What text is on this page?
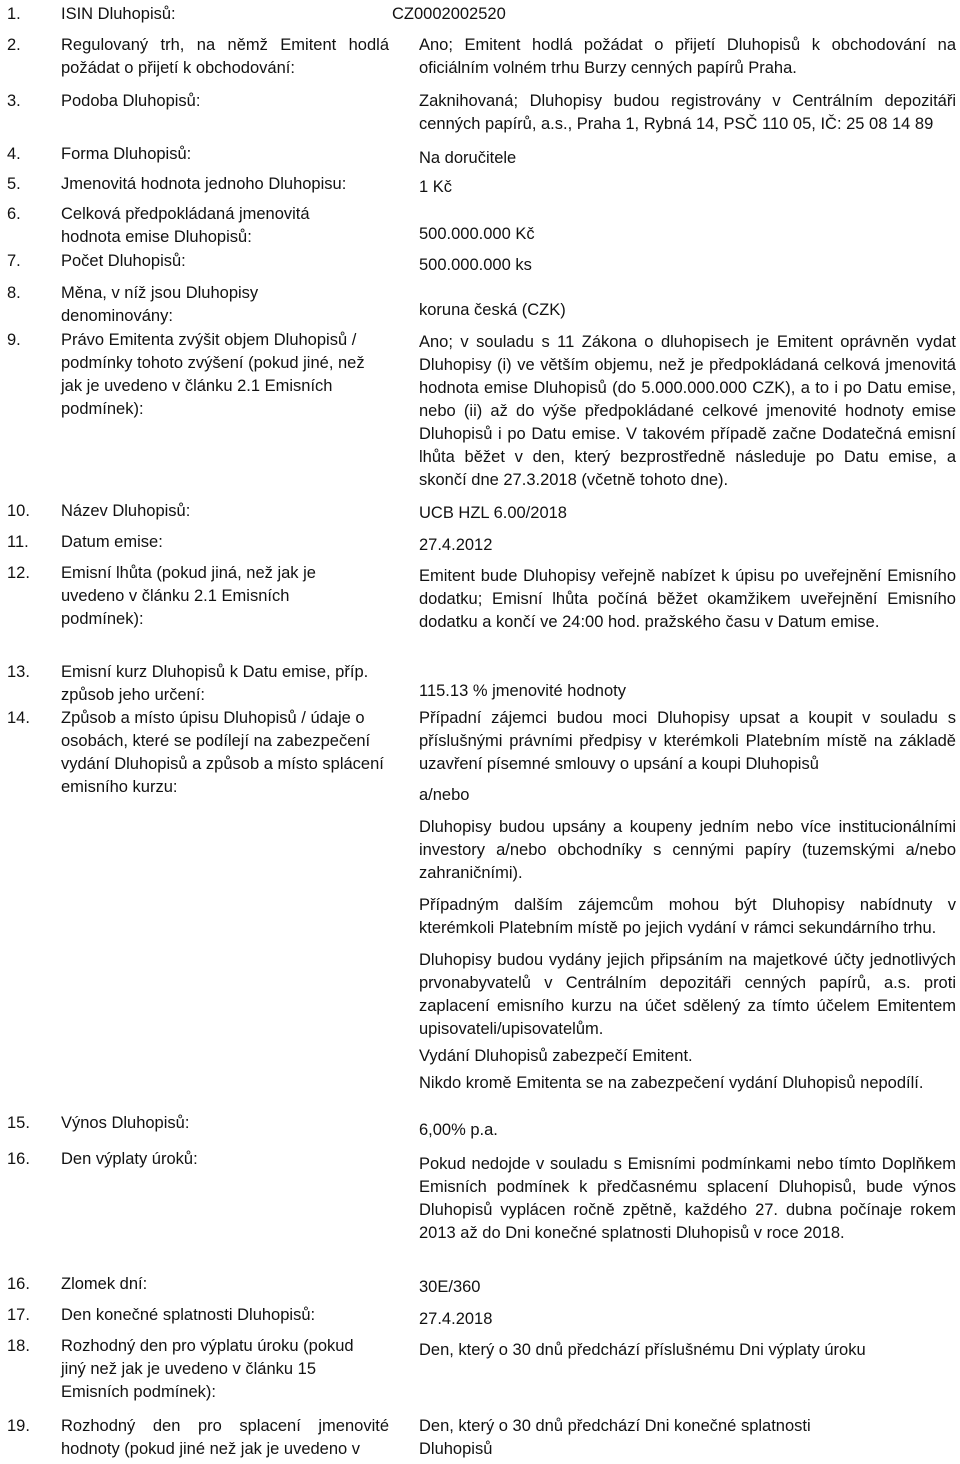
1.	ISIN Dluhopisů:	CZ0002002520

2.	Regulovaný trh, na němž Emitent hodlá požádat o přijetí k obchodování:

Ano; Emitent hodlá požádat o přijetí Dluhopisů k obchodování na oficiálním volném trhu Burzy cenných papírů Praha.

3.	Podoba Dluhopisů:	Zaknihovaná; Dluhopisy budou registrovány v Centrálním depozitáři cenných papírů, a.s., Praha 1, Rybná 14, PSČ 110 05, IČ: 25 08 14 89

4.	Forma Dluhopisů:	Na doručitele

5.	Jmenovitá hodnota jednoho Dluhopisu:	1 Kč

6.	Celková předpokládaná jmenovitá hodnota emise Dluhopisů:	500.000.000 Kč

7.	Počet Dluhopisů:	500.000.000 ks

8.	Měna, v níž jsou Dluhopisy denominovány:	koruna česká (CZK)

9.	Právo Emitenta zvýšit objem Dluhopisů / podmínky tohoto zvýšení (pokud jiné, než jak je uvedeno v článku 2.1 Emisních podmínek):

Ano; v souladu s 11 Zákona o dluhopisech je Emitent oprávněn vydat Dluhopisy (i) ve větším objemu, než je předpokládaná celková jmenovitá hodnota emise Dluhopisů (do 5.000.000.000 CZK), a to i po Datu emise, nebo (ii) až do výše předpokládané celkové jmenovité hodnoty emise Dluhopisů i po Datu emise. V takovém případě začne Dodatečná emisní lhůta běžet v den, který bezprostředně následuje po Datu emise, a skončí dne 27.3.2018 (včetně tohoto dne).

10.	Název Dluhopisů:	UCB HZL 6.00/2018

11.	Datum emise:	27.4.2012

12.	Emisní lhůta (pokud jiná, než jak je uvedeno v článku 2.1 Emisních podmínek):

Emitent bude Dluhopisy veřejně nabízet k úpisu po uveřejnění Emisního dodatku; Emisní lhůta počíná běžet okamžikem uveřejnění Emisního dodatku a končí ve 24:00 hod. pražského času v Datum emise.

13.	Emisní kurz Dluhopisů k Datu emise, příp. způsob jeho určení:	115.13 % jmenovité hodnoty

14.	Způsob a místo úpisu Dluhopisů / údaje o osobách, které se podílejí na zabezpečení vydání Dluhopisů a způsob a místo splácení emisního kurzu:

Případní zájemci budou moci Dluhopisy upsat a koupit v souladu s příslušnými právními předpisy v kterémkoli Platebním místě na základě uzavření písemné smlouvy o upsání a koupi Dluhopisů

a/nebo

Dluhopisy budou upsány a koupeny jedním nebo více institucionálními investory a/nebo obchodníky s cennými papíry (tuzemskými a/nebo zahraničními).

Případným dalším zájemcům mohou být Dluhopisy nabídnuty v kterémkoli Platebním místě po jejich vydání v rámci sekundárního trhu.

Dluhopisy budou vydány jejich připsáním na majetkové účty jednotlivých prvonabyvatelů v Centrálním depozitáři cenných papírů, a.s. proti zaplacení emisního kurzu na účet sdělený za tímto účelem Emitentem upisovateli/upisovatelům.

Vydání Dluhopisů zabezpečí Emitent.

Nikdo kromě Emitenta se na zabezpečení vydání Dluhopisů nepodílí.

15.	Výnos Dluhopisů:	6,00% p.a.

16.	Den výplaty úroků:	Pokud nedojde v souladu s Emisními podmínkami nebo tímto Doplňkem Emisních podmínek k předčasnému splacení Dluhopisů, bude výnos Dluhopisů vyplácen ročně zpětně, každého 27. dubna počínaje rokem 2013 až do Dni konečné splatnosti Dluhopisů v roce 2018.

16.	Zlomek dní:	30E/360

17.	Den konečné splatnosti Dluhopisů:	27.4.2018

18.	Rozhodný den pro výplatu úroku (pokud jiný než jak je uvedeno v článku 15 Emisních podmínek):

Den, který o 30 dnů předchází příslušnému Dni výplaty úroku

19.	Rozhodný den pro splacení jmenovité hodnoty (pokud jiné než jak je uvedeno v

Den, který o 30 dnů předchází Dni konečné splatnosti Dluhopisů
